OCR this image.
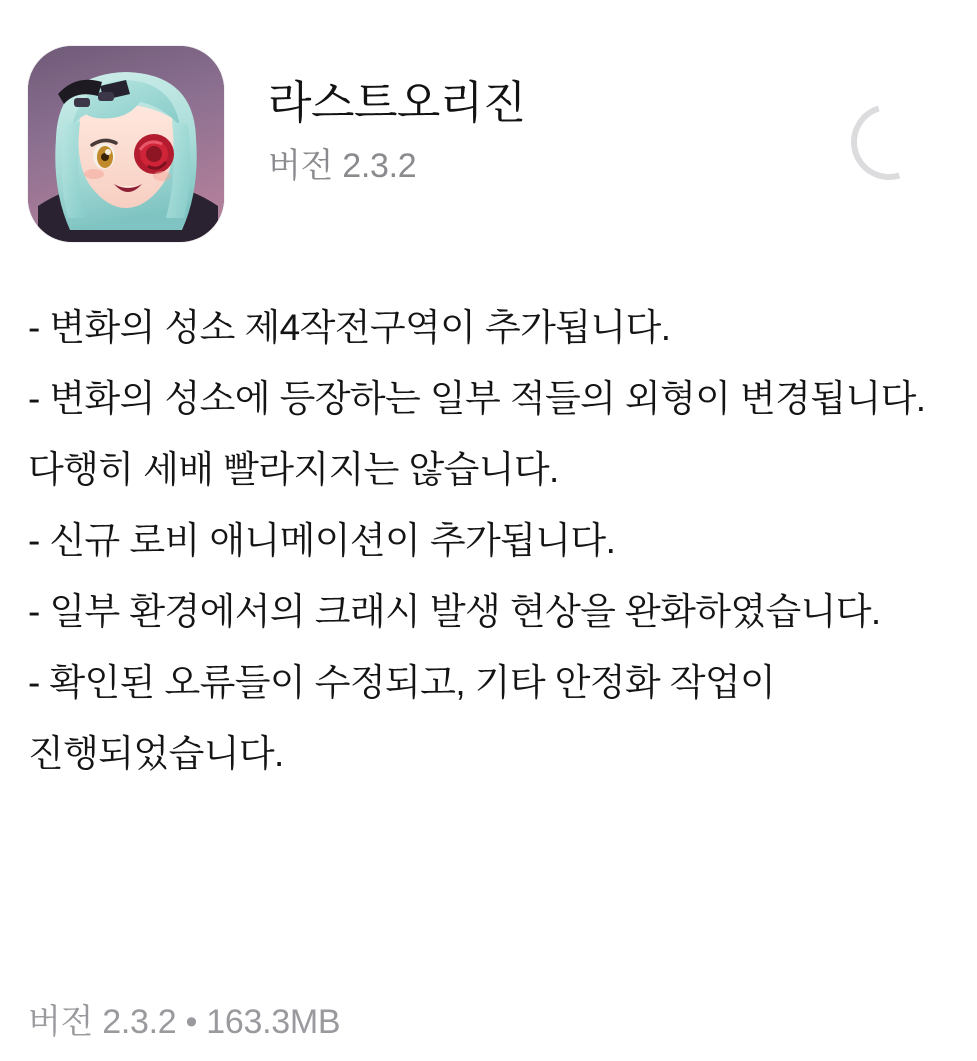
라스트오리진
버전 2.3.2
- 변화의 성소 제4작전구역이 추가됩니다.
- 변화의 성소에 등장하는 일부 적들의 외형이 변경됩니다.
다행히 세배 빨라지지는 않습니다.
- 신규 로비 애니메이션이 추가됩니다.
- 일부 환경에서의 크래시 발생 현상을 완화하였습니다.
- 확인된 오류들이 수정되고, 기타 안정화 작업이 진행되었습니다.
버전 2.3.2 • 163.3MB
